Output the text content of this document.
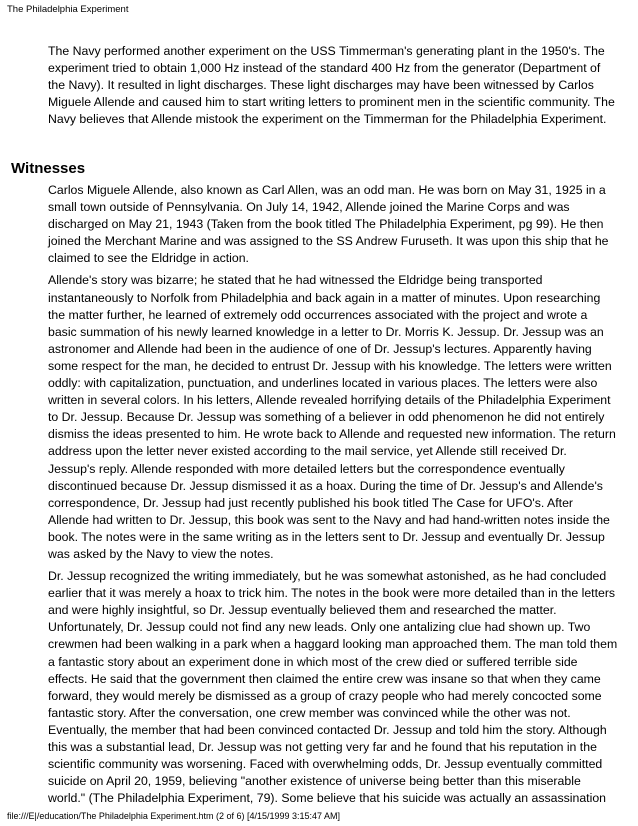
The Philadelphia Experiment

The Navy performed another experiment on the USS Timmerman's generating plant in the 1950's. The
experiment tried to obtain 1,000 Hz instead of the standard 400 Hz from the generator (Department of
the Navy). It resulted in light discharges. These light discharges may have been witnessed by Carlos
Miguele Allende and caused him to start writing letters to prominent men in the scientific community. The
Navy believes that Allende mistook the experiment on the Timmerman for the Philadelphia Experiment.

Witnesses

Carlos Miguele Allende, also known as Carl Allen, was an odd man. He was born on May 31, 1925 in a
small town outside of Pennsylvania. On July 14, 1942, Allende joined the Marine Corps and was
discharged on May 21, 1943 (Taken from the book titled The Philadelphia Experiment, pg 99). He then
joined the Merchant Marine and was assigned to the SS Andrew Furuseth. It was upon this ship that he
claimed to see the Eldridge in action.

Allende's story was bizarre; he stated that he had witnessed the Eldridge being transported
instantaneously to Norfolk from Philadelphia and back again in a matter of minutes. Upon researching
the matter further, he learned of extremely odd occurrences associated with the project and wrote a
basic summation of his newly learned knowledge in a letter to Dr. Morris K. Jessup. Dr. Jessup was an
astronomer and Allende had been in the audience of one of Dr. Jessup's lectures. Apparently having
some respect for the man, he decided to entrust Dr. Jessup with his knowledge. The letters were written
oddly: with capitalization, punctuation, and underlines located in various places. The letters were also
written in several colors. In his letters, Allende revealed horrifying details of the Philadelphia Experiment
to Dr. Jessup. Because Dr. Jessup was something of a believer in odd phenomenon he did not entirely
dismiss the ideas presented to him. He wrote back to Allende and requested new information. The return
address upon the letter never existed according to the mail service, yet Allende still received Dr.
Jessup's reply. Allende responded with more detailed letters but the correspondence eventually
discontinued because Dr. Jessup dismissed it as a hoax. During the time of Dr. Jessup's and Allende's
correspondence, Dr. Jessup had just recently published his book titled The Case for UFO's. After
Allende had written to Dr. Jessup, this book was sent to the Navy and had hand-written notes inside the
book. The notes were in the same writing as in the letters sent to Dr. Jessup and eventually Dr. Jessup
was asked by the Navy to view the notes.

Dr. Jessup recognized the writing immediately, but he was somewhat astonished, as he had concluded
earlier that it was merely a hoax to trick him. The notes in the book were more detailed than in the letters
and were highly insightful, so Dr. Jessup eventually believed them and researched the matter.
Unfortunately, Dr. Jessup could not find any new leads. Only one antalizing clue had shown up. Two
crewmen had been walking in a park when a haggard looking man approached them. The man told them
a fantastic story about an experiment done in which most of the crew died or suffered terrible side
effects. He said that the government then claimed the entire crew was insane so that when they came
forward, they would merely be dismissed as a group of crazy people who had merely concocted some
fantastic story. After the conversation, one crew member was convinced while the other was not.
Eventually, the member that had been convinced contacted Dr. Jessup and told him the story. Although
this was a substantial lead, Dr. Jessup was not getting very far and he found that his reputation in the
scientific community was worsening. Faced with overwhelming odds, Dr. Jessup eventually committed
suicide on April 20, 1959, believing "another existence of universe being better than this miserable
world." (The Philadelphia Experiment, 79). Some believe that his suicide was actually an assassination

file:///E|/education/The Philadelphia Experiment.htm (2 of 6) [4/15/1999 3:15:47 AM]
